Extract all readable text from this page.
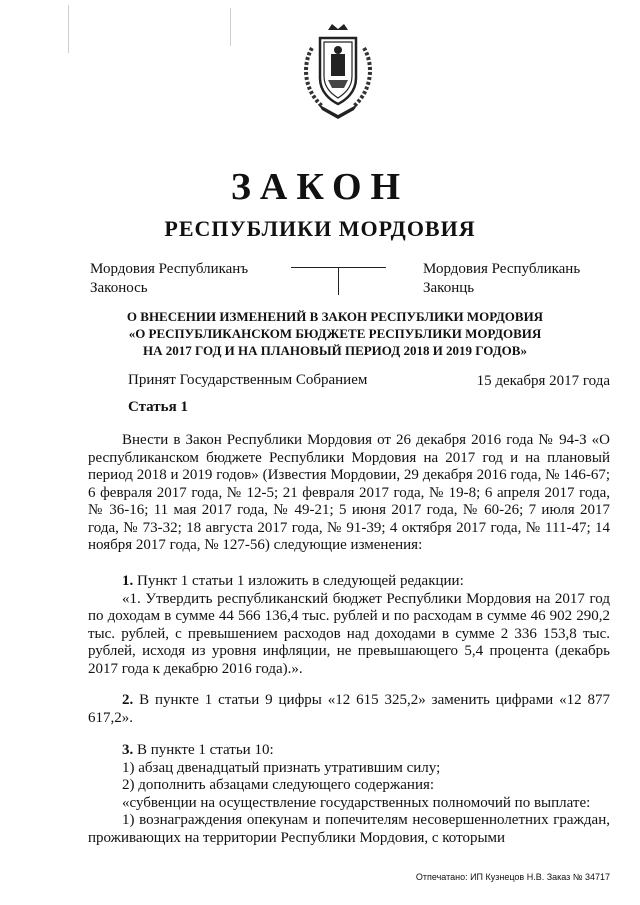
ЗАКОН
РЕСПУБЛИКИ МОРДОВИЯ
Мордовия Республиканъ
Законось
Мордовия Республикань
Законць
О ВНЕСЕНИИ ИЗМЕНЕНИЙ В ЗАКОН РЕСПУБЛИКИ МОРДОВИЯ
«О РЕСПУБЛИКАНСКОМ БЮДЖЕТЕ РЕСПУБЛИКИ МОРДОВИЯ
НА 2017 ГОД И НА ПЛАНОВЫЙ ПЕРИОД 2018 И 2019 ГОДОВ»
Принят Государственным Собранием	15 декабря 2017 года
Статья 1

Внести в Закон Республики Мордовия от 26 декабря 2016 года № 94-З «О республиканском бюджете Республики Мордовия на 2017 год и на плановый период 2018 и 2019 годов» (Известия Мордовии, 29 декабря 2016 года, № 146-67; 6 февраля 2017 года, № 12-5; 21 февраля 2017 года, № 19-8; 6 апреля 2017 года, № 36-16; 11 мая 2017 года, № 49-21; 5 июня 2017 года, № 60-26; 7 июля 2017 года, № 73-32; 18 августа 2017 года, № 91-39; 4 октября 2017 года, № 111-47; 14 ноября 2017 года, № 127-56) следующие изменения:

1. Пункт 1 статьи 1 изложить в следующей редакции:

«1. Утвердить республиканский бюджет Республики Мордовия на 2017 год по доходам в сумме 44 566 136,4 тыс. рублей и по расходам в сумме 46 902 290,2 тыс. рублей, с превышением расходов над доходами в сумме 2 336 153,8 тыс. рублей, исходя из уровня инфляции, не превышающего 5,4 процента (декабрь 2017 года к декабрю 2016 года).».

2. В пункте 1 статьи 9 цифры «12 615 325,2» заменить цифрами «12 877 617,2».

3. В пункте 1 статьи 10:

1) абзац двенадцатый признать утратившим силу;

2) дополнить абзацами следующего содержания:

«субвенции на осуществление государственных полномочий по выплате:

1) вознаграждения опекунам и попечителям несовершеннолетних граждан, проживающих на территории Республики Мордовия, с которыми

Отпечатано: ИП Кузнецов Н.В. Заказ № 34717
